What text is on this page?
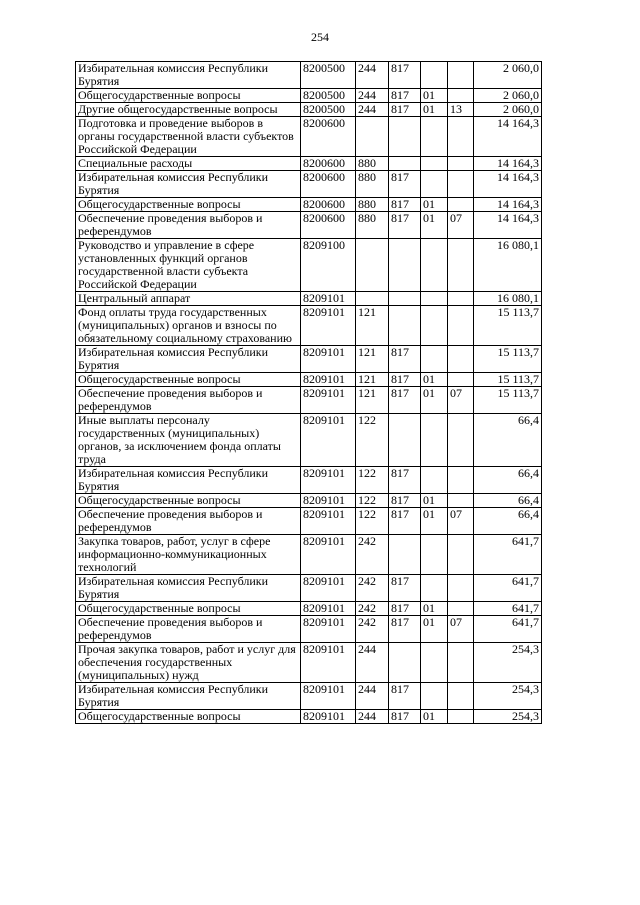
254
Избирательная комиссия Республики Бурятия	8200500	244	817			2 060,0
Общегосударственные вопросы	8200500	244	817	01		2 060,0
Другие общегосударственные вопросы	8200500	244	817	01	13	2 060,0
Подготовка и проведение выборов в органы государственной власти субъектов Российской Федерации	8200600					14 164,3
Специальные расходы	8200600	880				14 164,3
Избирательная комиссия Республики Бурятия	8200600	880	817			14 164,3
Общегосударственные вопросы	8200600	880	817	01		14 164,3
Обеспечение проведения выборов и референдумов	8200600	880	817	01	07	14 164,3
Руководство и управление в сфере установленных функций органов государственной власти субъекта Российской Федерации	8209100					16 080,1
Центральный аппарат	8209101					16 080,1
Фонд оплаты труда государственных (муниципальных) органов и взносы по обязательному социальному страхованию	8209101	121				15 113,7
Избирательная комиссия Республики Бурятия	8209101	121	817			15 113,7
Общегосударственные вопросы	8209101	121	817	01		15 113,7
Обеспечение проведения выборов и референдумов	8209101	121	817	01	07	15 113,7
Иные выплаты персоналу государственных (муниципальных) органов, за исключением фонда оплаты труда	8209101	122				66,4
Избирательная комиссия Республики Бурятия	8209101	122	817			66,4
Общегосударственные вопросы	8209101	122	817	01		66,4
Обеспечение проведения выборов и референдумов	8209101	122	817	01	07	66,4
Закупка товаров, работ, услуг в сфере информационно-коммуникационных технологий	8209101	242				641,7
Избирательная комиссия Республики Бурятия	8209101	242	817			641,7
Общегосударственные вопросы	8209101	242	817	01		641,7
Обеспечение проведения выборов и референдумов	8209101	242	817	01	07	641,7
Прочая закупка товаров, работ и услуг для обеспечения государственных (муниципальных) нужд	8209101	244				254,3
Избирательная комиссия Республики Бурятия	8209101	244	817			254,3
Общегосударственные вопросы	8209101	244	817	01		254,3
